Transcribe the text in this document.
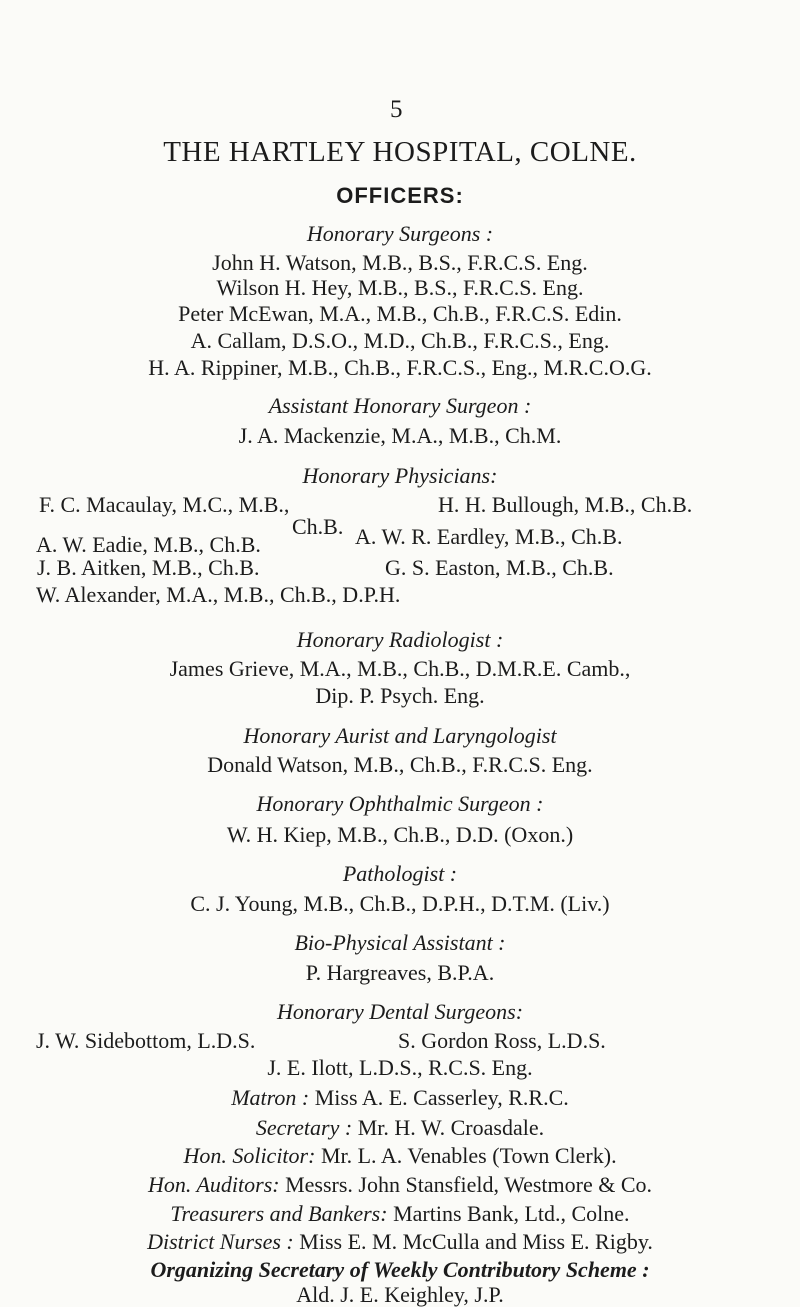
5
THE HARTLEY HOSPITAL, COLNE.
OFFICERS:
Honorary Surgeons :
John H. Watson, M.B., B.S., F.R.C.S. Eng.
Wilson H. Hey, M.B., B.S., F.R.C.S. Eng.
Peter McEwan, M.A., M.B., Ch.B., F.R.C.S. Edin.
A. Callam, D.S.O., M.D., Ch.B., F.R.C.S., Eng.
H. A. Rippiner, M.B., Ch.B., F.R.C.S., Eng., M.R.C.O.G.
Assistant Honorary Surgeon :
J. A. Mackenzie, M.A., M.B., Ch.M.
Honorary Physicians:
F. C. Macaulay, M.C., M.B.,	H. H. Bullough, M.B., Ch.B.
Ch.B.
A. W. Eadie, M.B., Ch.B.	A. W. R. Eardley, M.B., Ch.B.
J. B. Aitken, M.B., Ch.B.	G. S. Easton, M.B., Ch.B.
W. Alexander, M.A., M.B., Ch.B., D.P.H.
Honorary Radiologist :
James Grieve, M.A., M.B., Ch.B., D.M.R.E. Camb.,
Dip. P. Psych. Eng.
Honorary Aurist and Laryngologist
Donald Watson, M.B., Ch.B., F.R.C.S. Eng.
Honorary Ophthalmic Surgeon :
W. H. Kiep, M.B., Ch.B., D.D. (Oxon.)
Pathologist :
C. J. Young, M.B., Ch.B., D.P.H., D.T.M. (Liv.)
Bio-Physical Assistant :
P. Hargreaves, B.P.A.
Honorary Dental Surgeons:
J. W. Sidebottom, L.D.S.	S. Gordon Ross, L.D.S.
J. E. Ilott, L.D.S., R.C.S. Eng.
Matron : Miss A. E. Casserley, R.R.C.
Secretary : Mr. H. W. Croasdale.
Hon. Solicitor: Mr. L. A. Venables (Town Clerk).
Hon. Auditors: Messrs. John Stansfield, Westmore & Co.
Treasurers and Bankers: Martins Bank, Ltd., Colne.
District Nurses : Miss E. M. McCulla and Miss E. Rigby.
Organizing Secretary of Weekly Contributory Scheme :
Ald. J. E. Keighley, J.P.
